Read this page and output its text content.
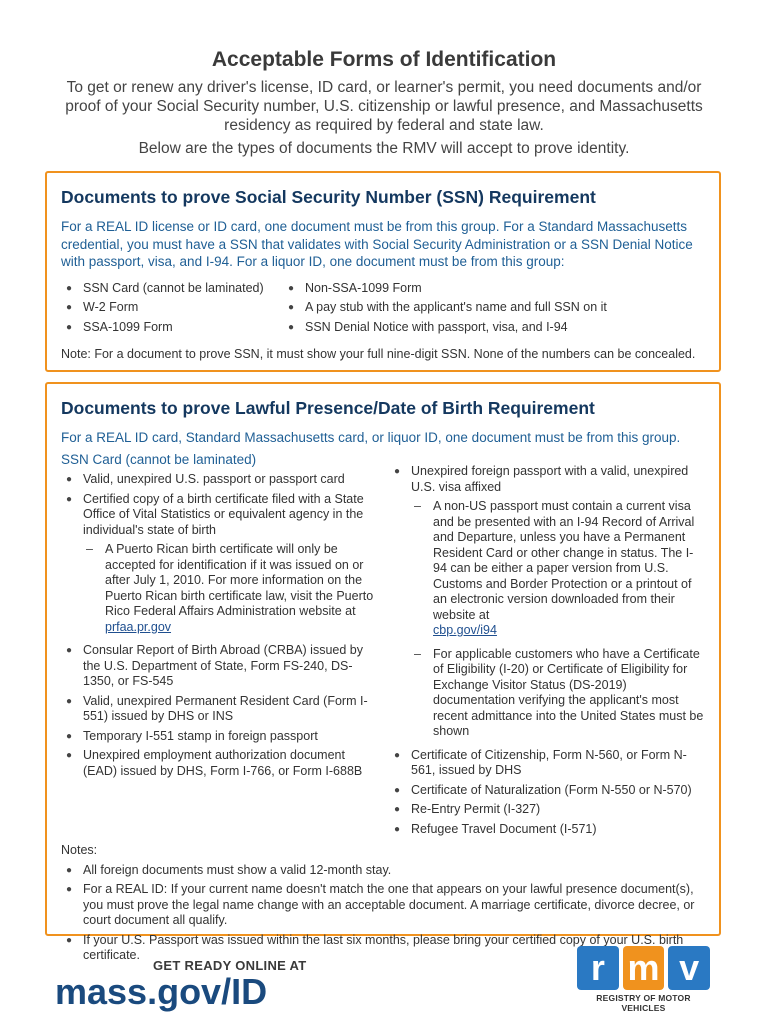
Acceptable Forms of Identification
To get or renew any driver's license, ID card, or learner's permit, you need documents and/or proof of your Social Security number, U.S. citizenship or lawful presence, and Massachusetts residency as required by federal and state law.
Below are the types of documents the RMV will accept to prove identity.
Documents to prove Social Security Number (SSN) Requirement
For a REAL ID license or ID card, one document must be from this group. For a Standard Massachusetts credential, you must have a SSN that validates with Social Security Administration or a SSN Denial Notice with passport, visa, and I-94. For a liquor ID, one document must be from this group:
● SSN Card (cannot be laminated)
● W-2 Form
● SSA-1099 Form
● Non-SSA-1099 Form
● A pay stub with the applicant's name and full SSN on it
● SSN Denial Notice with passport, visa, and I-94
Note: For a document to prove SSN, it must show your full nine-digit SSN. None of the numbers can be concealed.
Documents to prove Lawful Presence/Date of Birth Requirement
For a REAL ID card, Standard Massachusetts card, or liquor ID, one document must be from this group.
SSN Card (cannot be laminated)
● Valid, unexpired U.S. passport or passport card
● Certified copy of a birth certificate filed with a State Office of Vital Statistics or equivalent agency in the individual's state of birth
– A Puerto Rican birth certificate will only be accepted for identification if it was issued on or after July 1, 2010. For more information on the Puerto Rican birth certificate law, visit the Puerto Rico Federal Affairs Administration website at
prfaa.pr.gov
● Consular Report of Birth Abroad (CRBA) issued by the U.S. Department of State, Form FS-240, DS-1350, or FS-545
● Valid, unexpired Permanent Resident Card (Form I-551) issued by DHS or INS
● Temporary I-551 stamp in foreign passport
● Unexpired employment authorization document (EAD) issued by DHS, Form I-766, or Form I-688B
● Unexpired foreign passport with a valid, unexpired U.S. visa affixed
– A non-US passport must contain a current visa and be presented with an I-94 Record of Arrival and Departure, unless you have a Permanent Resident Card or other change in status. The I-94 can be either a paper version from U.S. Customs and Border Protection or a printout of an electronic version downloaded from their website at
cbp.gov/i94
– For applicable customers who have a Certificate of Eligibility (I-20) or Certificate of Eligibility for Exchange Visitor Status (DS-2019) documentation verifying the applicant's most recent admittance into the United States must be shown
● Certificate of Citizenship, Form N-560, or Form N-561, issued by DHS
● Certificate of Naturalization (Form N-550 or N-570)
● Re-Entry Permit (I-327)
● Refugee Travel Document (I-571)
Notes:
● All foreign documents must show a valid 12-month stay.
● For a REAL ID: If your current name doesn't match the one that appears on your lawful presence document(s), you must prove the legal name change with an acceptable document. A marriage certificate, divorce decree, or court document all qualify.
● If your U.S. Passport was issued within the last six months, please bring your certified copy of your U.S. birth certificate.
GET READY ONLINE AT
mass.gov/ID
r m v
REGISTRY OF MOTOR VEHICLES
